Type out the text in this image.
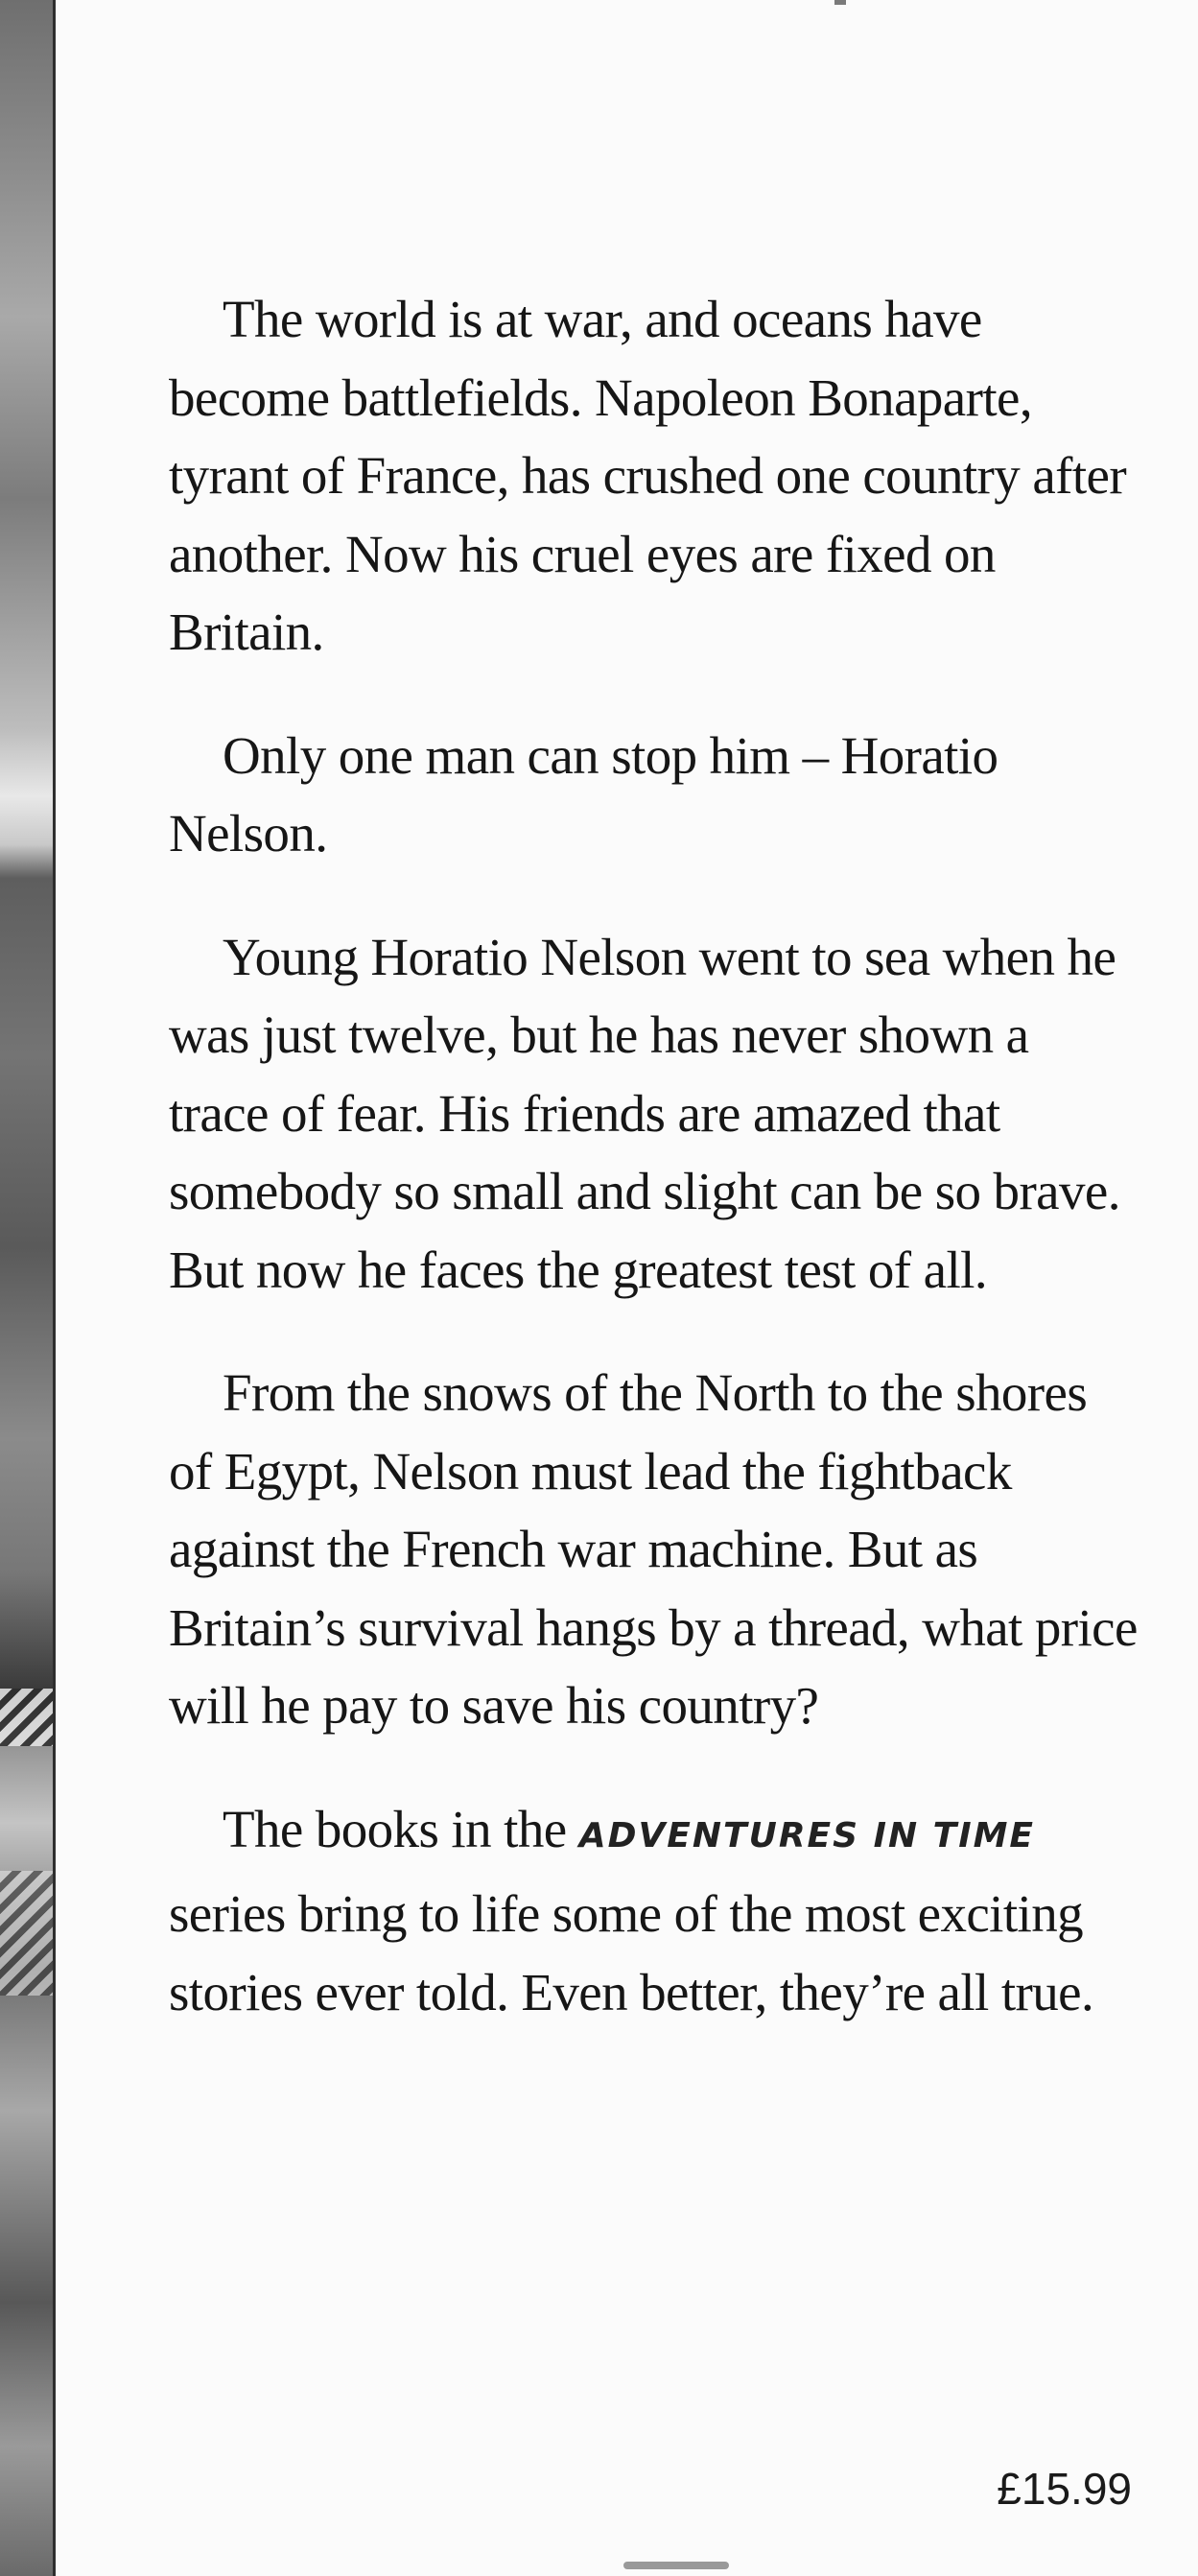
The world is at war, and oceans have become battlefields. Napoleon Bonaparte, tyrant of France, has crushed one country after another. Now his cruel eyes are fixed on Britain.

Only one man can stop him – Horatio Nelson.

Young Horatio Nelson went to sea when he was just twelve, but he has never shown a trace of fear. His friends are amazed that somebody so small and slight can be so brave. But now he faces the greatest test of all.

From the snows of the North to the shores of Egypt, Nelson must lead the fightback against the French war machine. But as Britain’s survival hangs by a thread, what price will he pay to save his country?

The books in the ADVENTURES IN TIME series bring to life some of the most exciting stories ever told. Even better, they’re all true.

£15.99
